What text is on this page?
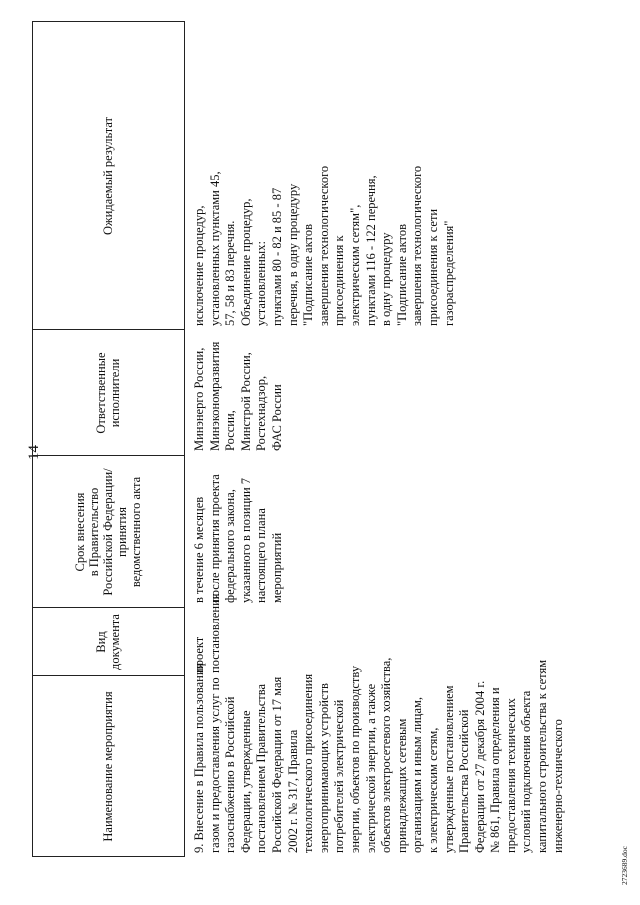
14
Наименование мероприятия
Вид
документа
Срок внесения
в Правительство
Российской Федерации/
принятия
ведомственного акта
Ответственные
исполнители
Ожидаемый результат
9. Внесение в Правила пользования газом и предоставления услуг по газоснабжению в Российской Федерации, утвержденные постановлением Правительства Российской Федерации от 17 мая 2002 г. № 317, Правила технологического присоединения энергопринимающих устройств потребителей электрической энергии, объектов по производству электрической энергии, а также объектов электросетевого хозяйства, принадлежащих сетевым организациям и иным лицам, к электрическим сетям, утвержденные постановлением Правительства Российской Федерации от 27 декабря 2004 г. № 861, Правила определения и предоставления технических условий подключения объекта капитального строительства к сетям инженерно-технического
проект постановления
в течение 6 месяцев после принятия проекта федерального закона, указанного в позиции 7 настоящего плана мероприятий
Минэнерго России, Минэкономразвития России, Минстрой России, Ростехнадзор, ФАС России
исключение процедур, установленных пунктами 45, 57, 58 и 83 перечня. Объединение процедур, установленных: пунктами 80 - 82 и 85 - 87 перечня, в одну процедуру "Подписание актов завершения технологического присоединения к электрическим сетям", пунктами 116 - 122 перечня, в одну процедуру "Подписание актов завершения технологического присоединения к сети газораспределения"
2723689.doc
